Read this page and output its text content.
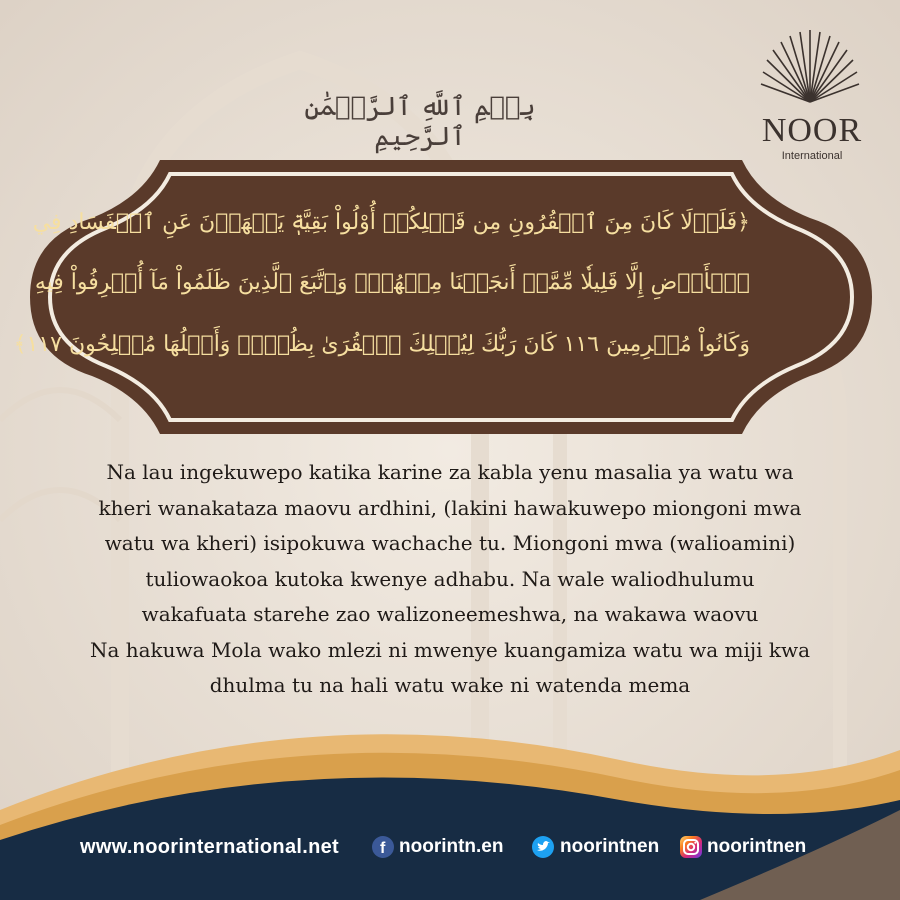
بِسۡمِ ٱللَّهِ ٱلرَّحۡمَٰنِ ٱلرَّحِيمِ	NOOR
International
﴿فَلَوۡلَا كَانَ مِنَ ٱلۡقُرُونِ مِن قَبۡلِكُمۡ أُوْلُواْ بَقِيَّةٖ يَنۡهَوۡنَ عَنِ ٱلۡفَسَادِ فِي
ٱلۡأَرۡضِ إِلَّا قَلِيلٗا مِّمَّنۡ أَنجَيۡنَا مِنۡهُمۡۗ وَٱتَّبَعَ ٱلَّذِينَ ظَلَمُواْ مَآ أُتۡرِفُواْ فِيهِ
وَكَانُواْ مُجۡرِمِينَ ١١٦ كَانَ رَبُّكَ لِيُهۡلِكَ ٱلۡقُرَىٰ بِظُلۡمٖ وَأَهۡلُهَا مُصۡلِحُونَ ١١٧﴾
Na lau ingekuwepo katika karine za kabla yenu masalia ya watu wa
kheri wanakataza maovu ardhini, (lakini hawakuwepo miongoni mwa
watu wa kheri) isipokuwa wachache tu. Miongoni mwa (walioamini)
tuliowaokoa kutoka kwenye adhabu. Na wale waliodhulumu
wakafuata starehe zao walizoneemeshwa, na wakawa waovu
Na hakuwa Mola wako mlezi ni mwenye kuangamiza watu wa miji kwa
dhulma tu na hali watu wake ni watenda mema
www.noorinternational.net	f noorintn.en	noorintnen	noorintnen
